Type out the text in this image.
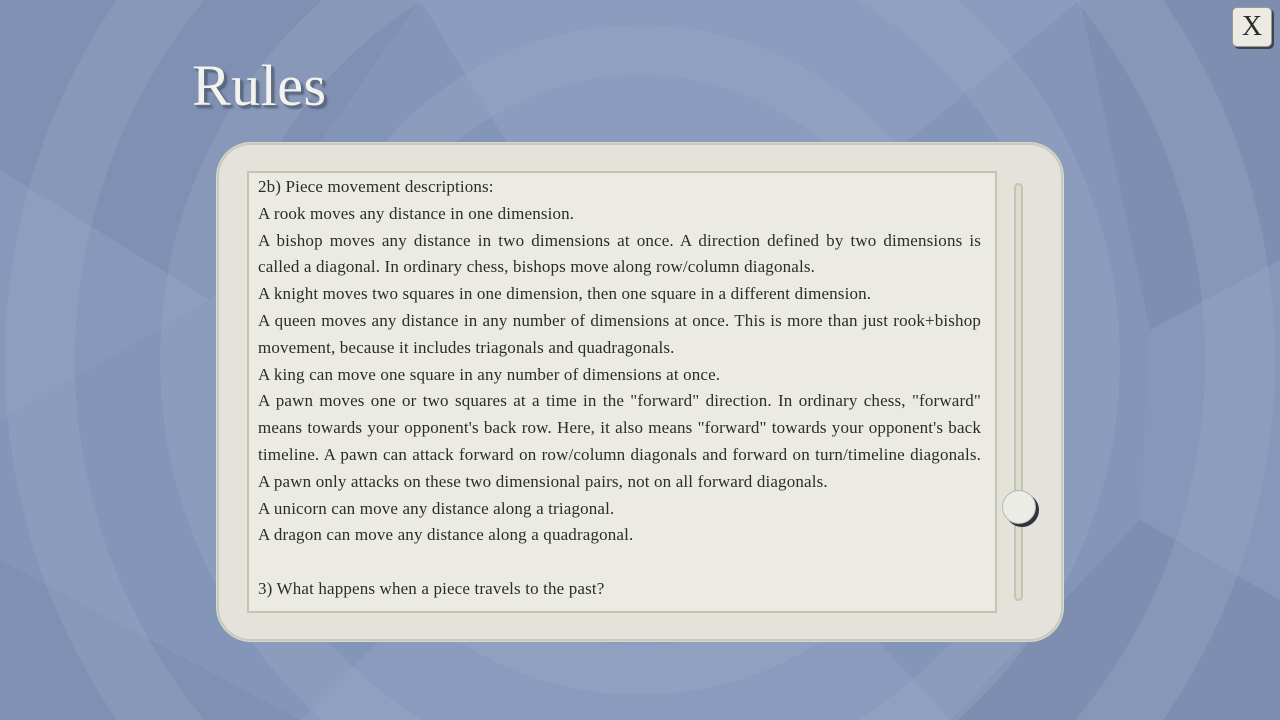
Rules
X

2b) Piece movement descriptions:

A rook moves any distance in one dimension.

A bishop moves any distance in two dimensions at once. A direction defined by two dimensions is called a diagonal. In ordinary chess, bishops move along row/column diagonals.

A knight moves two squares in one dimension, then one square in a different dimension.

A queen moves any distance in any number of dimensions at once. This is more than just rook+bishop movement, because it includes triagonals and quadragonals.

A king can move one square in any number of dimensions at once.

A pawn moves one or two squares at a time in the "forward" direction. In ordinary chess, "forward" means towards your opponent's back row. Here, it also means "forward" towards your opponent's back timeline. A pawn can attack forward on row/column diagonals and forward on turn/timeline diagonals. A pawn only attacks on these two dimensional pairs, not on all forward diagonals.

A unicorn can move any distance along a triagonal.

A dragon can move any distance along a quadragonal.

3) What happens when a piece travels to the past?
